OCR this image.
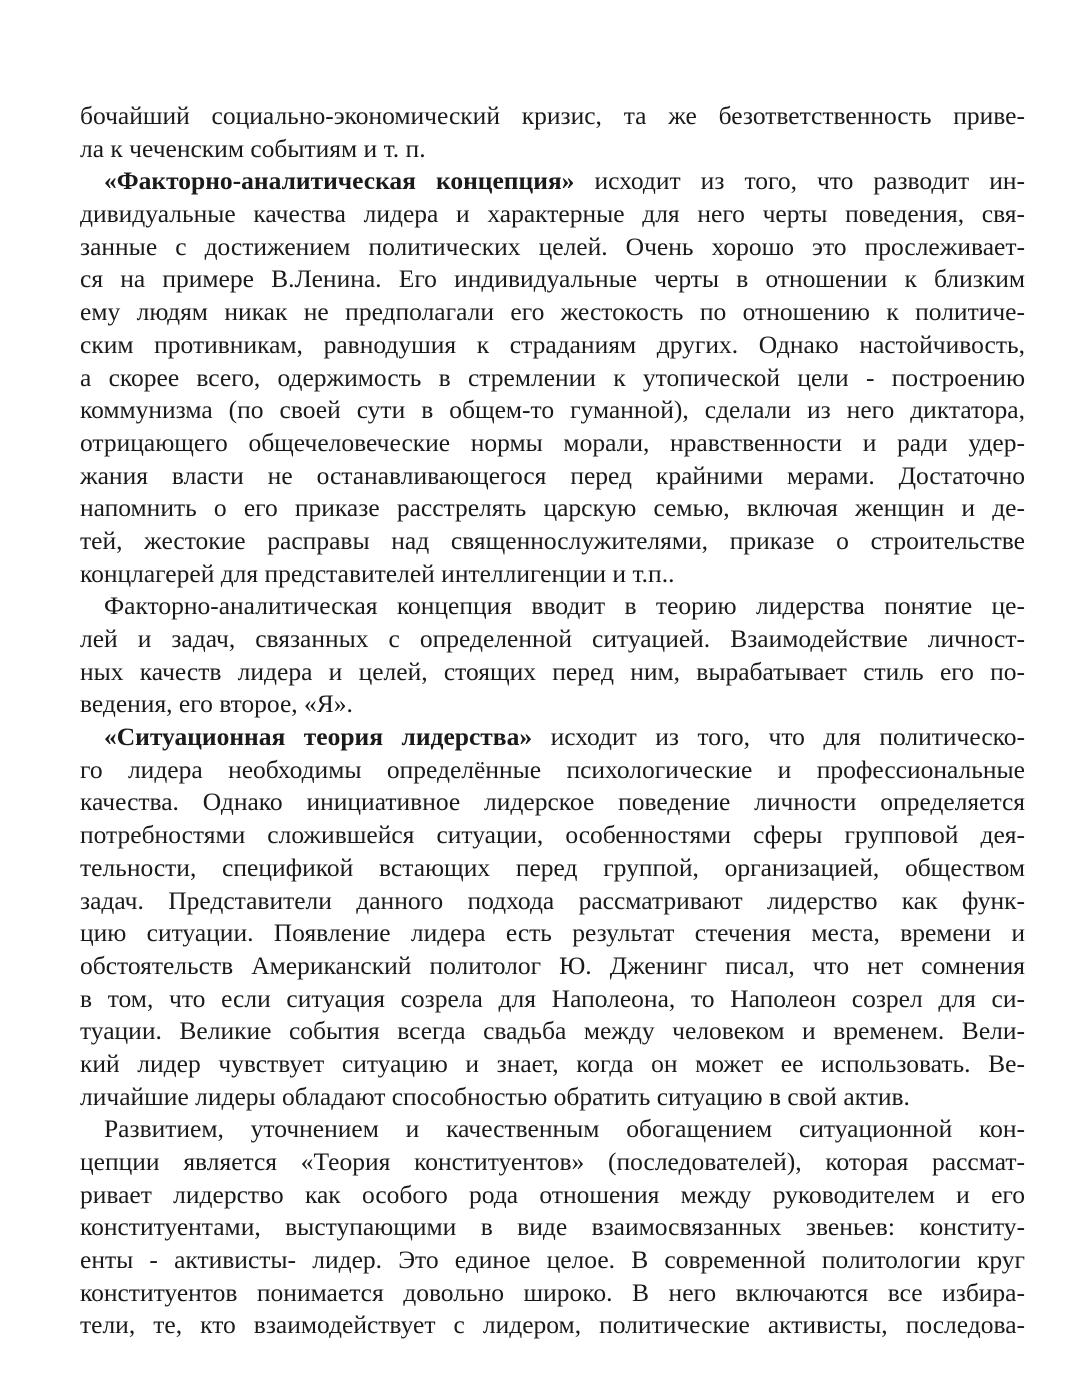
бочайший социально-экономический кризис, та же безответственность приве-
ла к чеченским событиям и т. п.
«Факторно-аналитическая концепция» исходит из того, что разводит ин-
дивидуальные качества лидера и характерные для него черты поведения, свя-
занные с достижением политических целей. Очень хорошо это прослеживает-
ся на примере В.Ленина. Его индивидуальные черты в отношении к близким
ему людям никак не предполагали его жестокость по отношению к политиче-
ским противникам, равнодушия к страданиям других. Однако настойчивость,
а скорее всего, одержимость в стремлении к утопической цели - построению
коммунизма (по своей сути в общем-то гуманной), сделали из него диктатора,
отрицающего общечеловеческие нормы морали, нравственности и ради удер-
жания власти не останавливающегося перед крайними мерами. Достаточно
напомнить о его приказе расстрелять царскую семью, включая женщин и де-
тей, жестокие расправы над священнослужителями, приказе о строительстве
концлагерей для представителей интеллигенции и т.п..
Факторно-аналитическая концепция вводит в теорию лидерства понятие це-
лей и задач, связанных с определенной ситуацией. Взаимодействие личност-
ных качеств лидера и целей, стоящих перед ним, вырабатывает стиль его по-
ведения, его второе, «Я».
«Ситуационная теория лидерства» исходит из того, что для политическо-
го лидера необходимы определённые психологические и профессиональные
качества. Однако инициативное лидерское поведение личности определяется
потребностями сложившейся ситуации, особенностями сферы групповой дея-
тельности, спецификой встающих перед группой, организацией, обществом
задач. Представители данного подхода рассматривают лидерство как функ-
цию ситуации. Появление лидера есть результат стечения места, времени и
обстоятельств Американский политолог Ю. Дженинг писал, что нет сомнения
в том, что если ситуация созрела для Наполеона, то Наполеон созрел для си-
туации. Великие события всегда свадьба между человеком и временем. Вели-
кий лидер чувствует ситуацию и знает, когда он может ее использовать. Ве-
личайшие лидеры обладают способностью обратить ситуацию в свой актив.
Развитием, уточнением и качественным обогащением ситуационной кон-
цепции является «Теория конституентов» (последователей), которая рассмат-
ривает лидерство как особого рода отношения между руководителем и его
конституентами, выступающими в виде взаимосвязанных звеньев: конститу-
енты - активисты- лидер. Это единое целое. В современной политологии круг
конституентов понимается довольно широко. В него включаются все избира-
тели, те, кто взаимодействует с лидером, политические активисты, последова-
